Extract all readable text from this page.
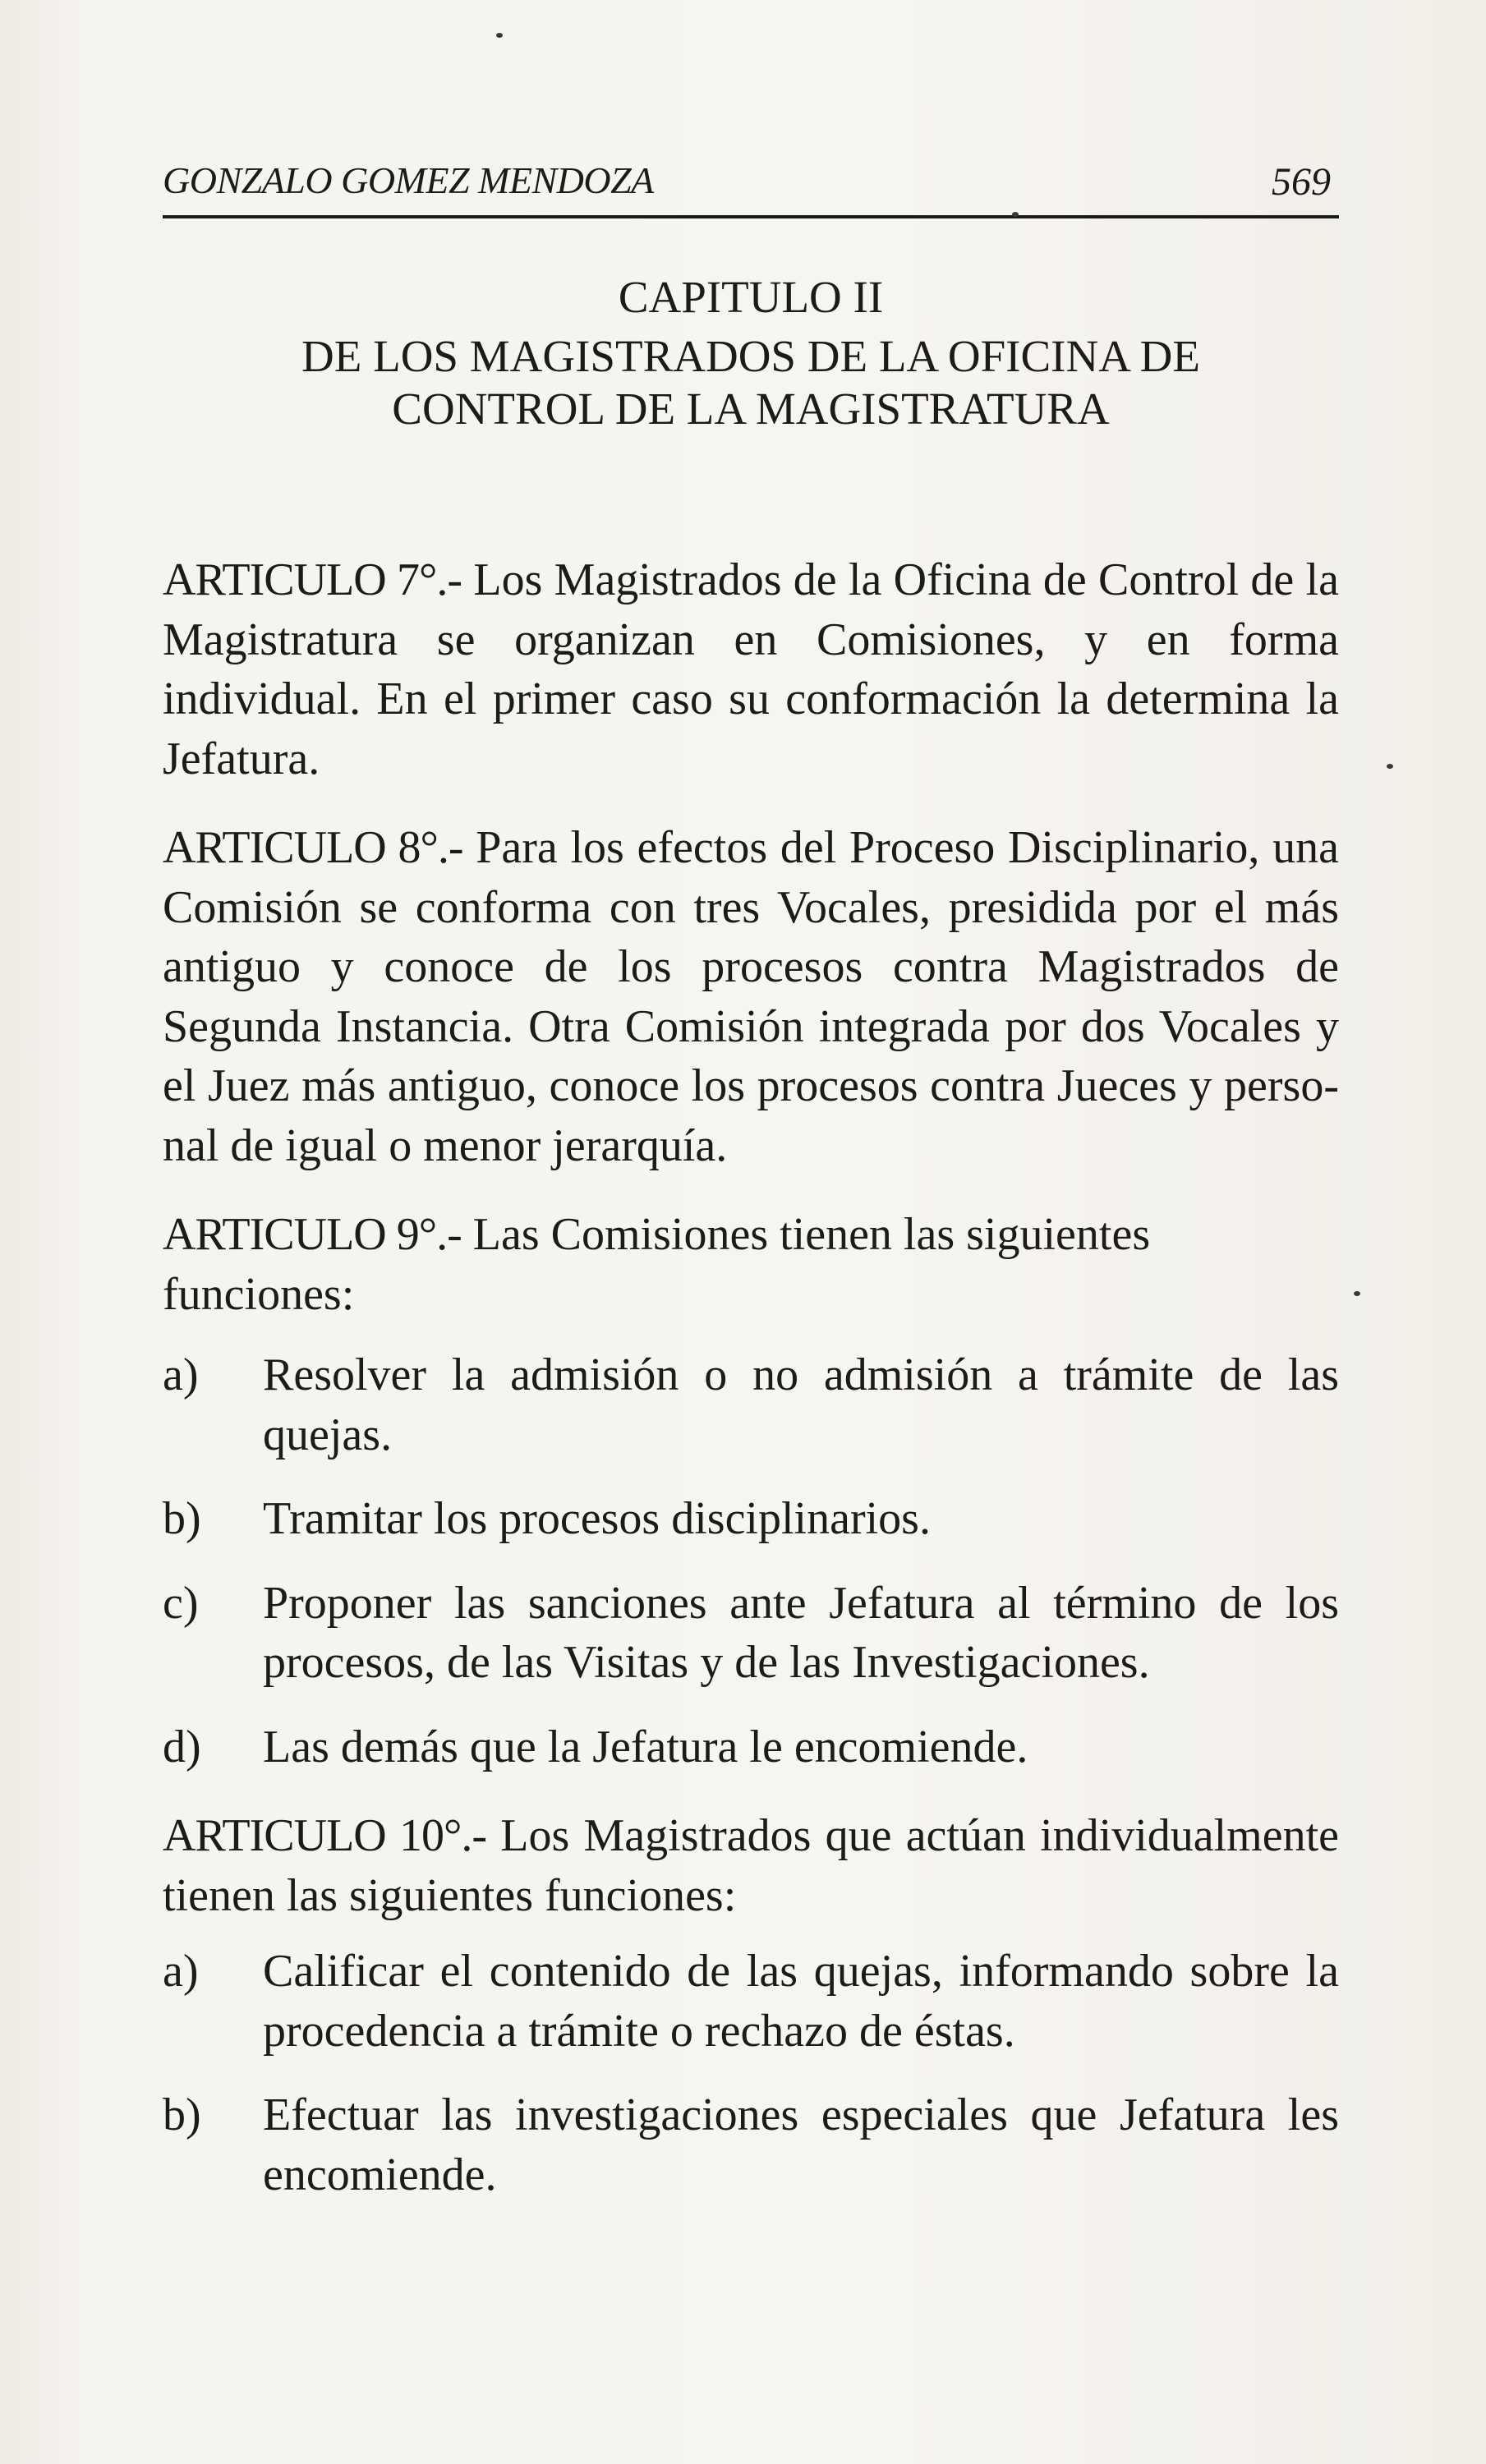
GONZALO GOMEZ MENDOZA	569
CAPITULO II
DE LOS MAGISTRADOS DE LA OFICINA DE
CONTROL DE LA MAGISTRATURA

ARTICULO 7°.- Los Magistrados de la Oficina de Control de la Magistratura se organizan en Comisiones, y en forma individual. En el primer caso su conformación la determina la Jefatura.

ARTICULO 8°.- Para los efectos del Proceso Disciplinario, una Comisión se conforma con tres Vocales, presidida por el más antiguo y conoce de los procesos contra Magistrados de Segunda Instancia. Otra Comisión integrada por dos Vocales y el Juez más antiguo, conoce los procesos contra Jueces y personal de igual o menor jerarquía.

ARTICULO 9°.- Las Comisiones tienen las siguientes funciones:

a)	Resolver la admisión o no admisión a trámite de las quejas.
b)	Tramitar los procesos disciplinarios.
c)	Proponer las sanciones ante Jefatura al término de los procesos, de las Visitas y de las Investigaciones.
d)	Las demás que la Jefatura le encomiende.

ARTICULO 10°.- Los Magistrados que actúan individualmente tienen las siguientes funciones:

a)	Calificar el contenido de las quejas, informando sobre la procedencia a trámite o rechazo de éstas.
b)	Efectuar las investigaciones especiales que Jefatura les encomiende.
